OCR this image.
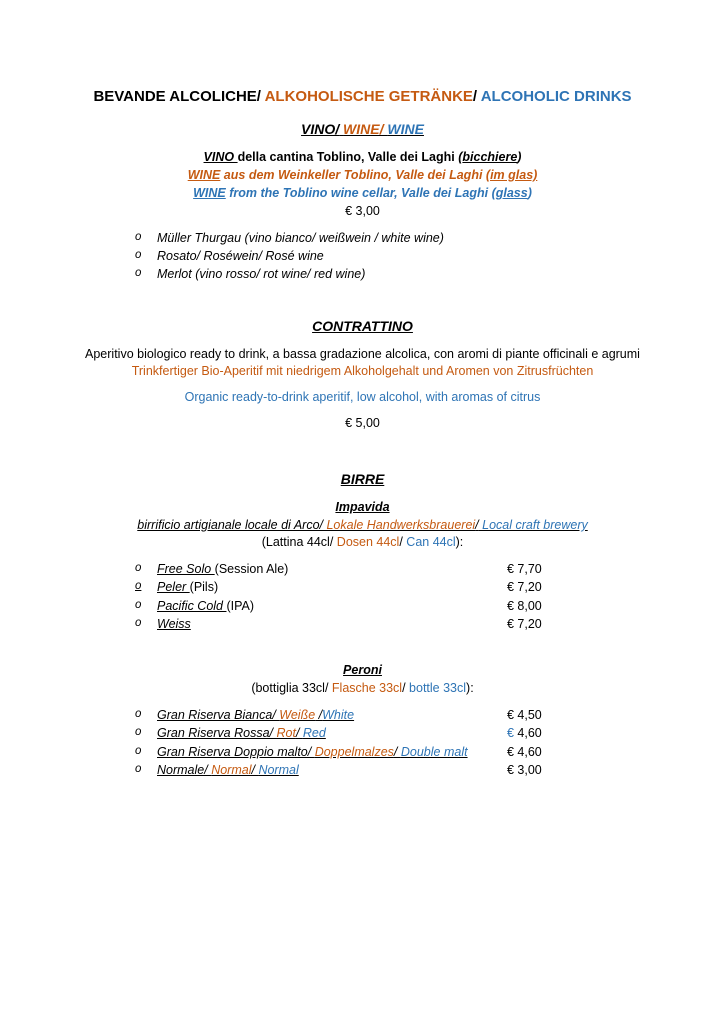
BEVANDE ALCOLICHE/ ALKOHOLISCHE GETRÄNKE/ ALCOHOLIC DRINKS
VINO/ WINE/ WINE
VINO della cantina Toblino, Valle dei Laghi (bicchiere)
WINE aus dem Weinkeller Toblino, Valle dei Laghi (im glas)
WINE from the Toblino wine cellar, Valle dei Laghi (glass)
€ 3,00
o Müller Thurgau (vino bianco/ weißwein / white wine)
o Rosato/ Roséwein/ Rosé wine
o Merlot (vino rosso/ rot wine/ red wine)
CONTRATTINO
Aperitivo biologico ready to drink, a bassa gradazione alcolica, con aromi di piante officinali e agrumi
Trinkfertiger Bio-Aperitif mit niedrigem Alkoholgehalt und Aromen von Zitrusfrüchten
Organic ready-to-drink aperitif, low alcohol, with aromas of citrus
€ 5,00
BIRRE
Impavida
birrificio artigianale locale di Arco/ Lokale Handwerksbrauerei/ Local craft brewery
(Lattina 44cl/ Dosen 44cl/ Can 44cl):
o Free Solo (Session Ale)	€ 7,70
o Peler (Pils)	€ 7,20
o Pacific Cold (IPA)	€ 8,00
o Weiss	€ 7,20
Peroni
(bottiglia 33cl/ Flasche 33cl/ bottle 33cl):
o Gran Riserva Bianca/ Weiße /White	€ 4,50
o Gran Riserva Rossa/ Rot/ Red	€ 4,60
o Gran Riserva Doppio malto/ Doppelmalzes/ Double malt	€ 4,60
o Normale/ Normal/ Normal	€ 3,00
